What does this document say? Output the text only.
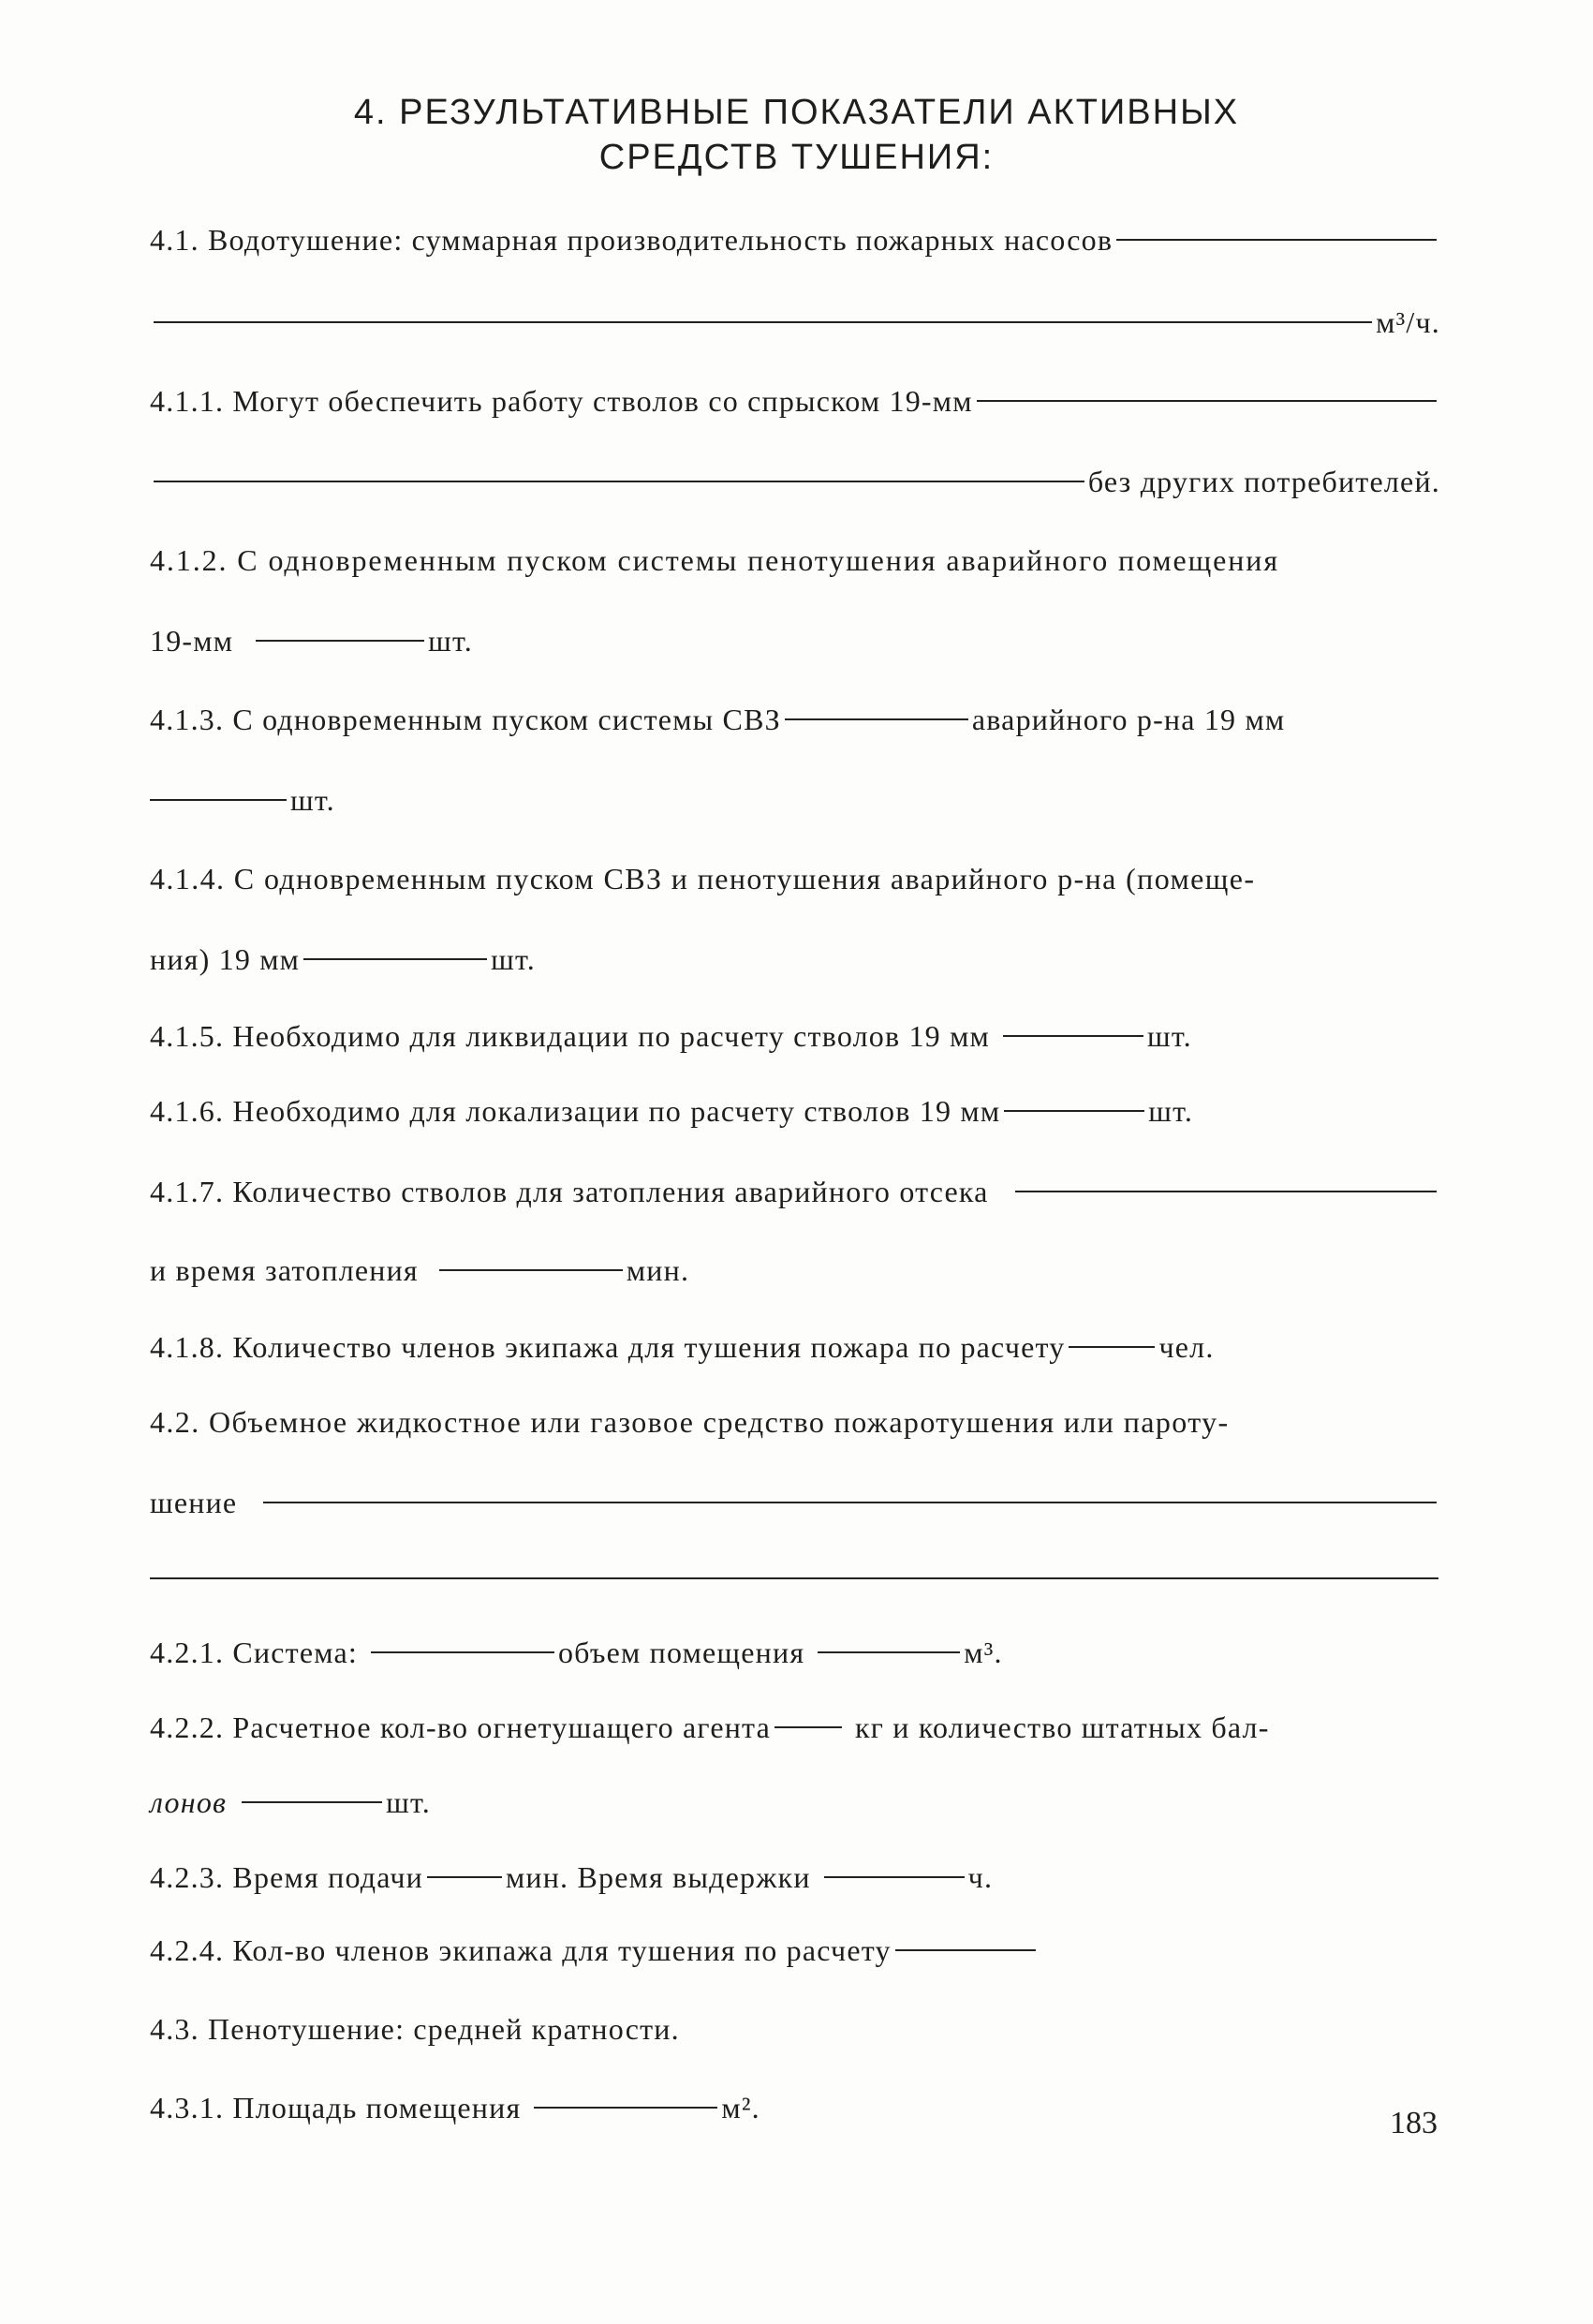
4. РЕЗУЛЬТАТИВНЫЕ ПОКАЗАТЕЛИ АКТИВНЫХ
СРЕДСТВ ТУШЕНИЯ:
4.1. Водотушение: суммарная производительность пожарных насосов
м³/ч.
4.1.1. Могут обеспечить работу стволов со спрыском 19-мм
без других потребителей.
4.1.2. С одновременным пуском системы пенотушения аварийного помещения
19-мм	шт.
4.1.3. С одновременным пуском системы СВЗ	аварийного р-на 19 мм
шт.
4.1.4. С одновременным пуском СВЗ и пенотушения аварийного р-на (помеще-
ния) 19 мм	шт.
4.1.5. Необходимо для ликвидации по расчету стволов 19 мм	шт.
4.1.6. Необходимо для локализации по расчету стволов 19 мм	шт.
4.1.7. Количество стволов для затопления аварийного отсека
и время затопления	мин.
4.1.8. Количество членов экипажа для тушения пожара по расчету	чел.
4.2. Объемное жидкостное или газовое средство пожаротушения или пароту-
шение
4.2.1. Система:	объем помещения	м³.
4.2.2. Расчетное кол-во огнетушащего агента	кг и количество штатных бал-
лонов	шт.
4.2.3. Время подачи	мин. Время выдержки	ч.
4.2.4. Кол-во членов экипажа для тушения по расчету
4.3. Пенотушение: средней кратности.
4.3.1. Площадь помещения	м².	183
